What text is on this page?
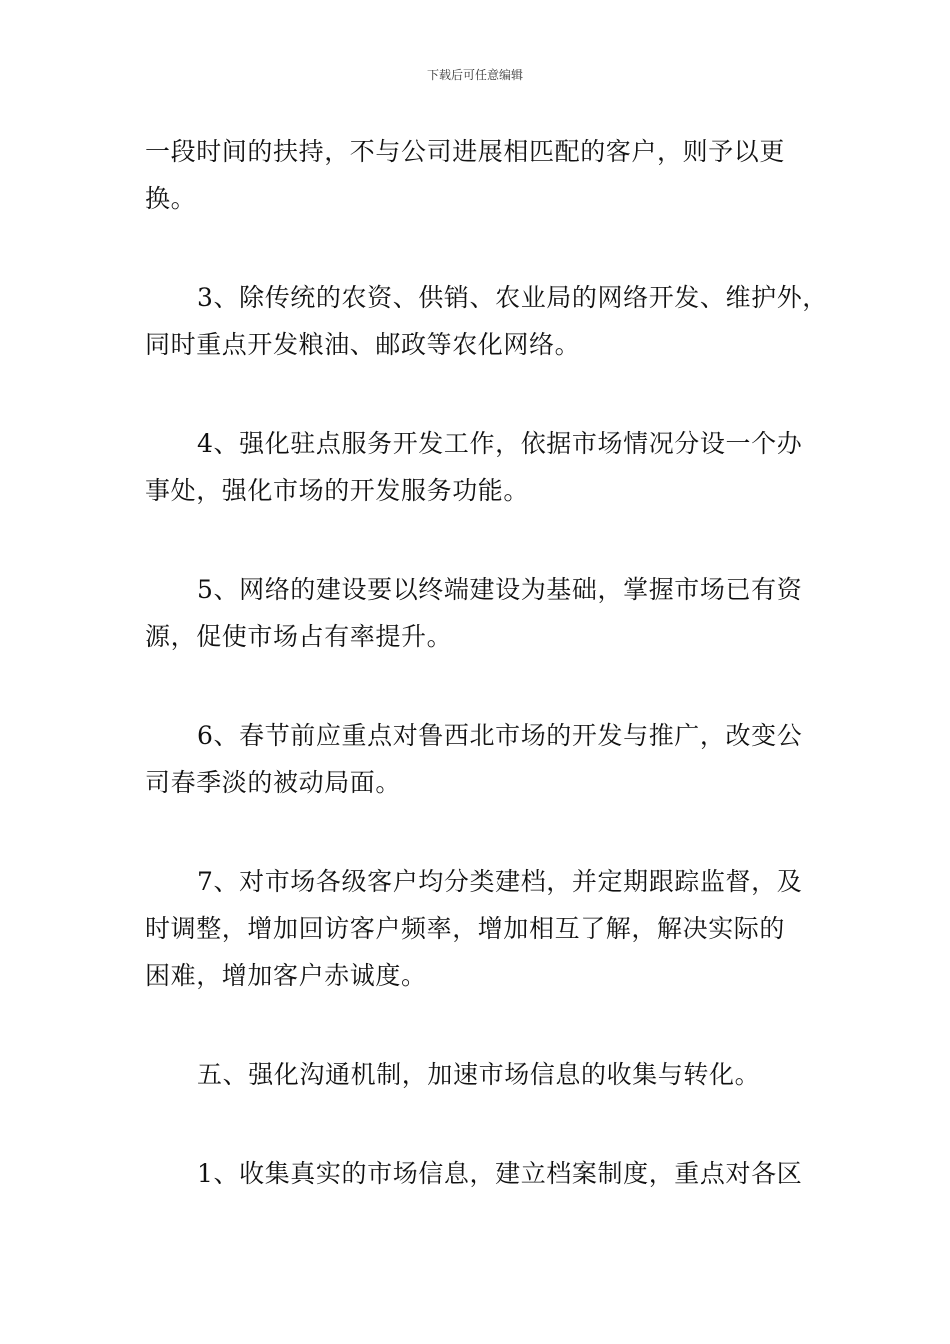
下载后可任意编辑

一段时间的扶持，不与公司进展相匹配的客户，则予以更
换。

3、除传统的农资、供销、农业局的网络开发、维护外，
同时重点开发粮油、邮政等农化网络。

4、强化驻点服务开发工作，依据市场情况分设一个办
事处，强化市场的开发服务功能。

5、网络的建设要以终端建设为基础，掌握市场已有资
源，促使市场占有率提升。

6、春节前应重点对鲁西北市场的开发与推广，改变公
司春季淡的被动局面。

7、对市场各级客户均分类建档，并定期跟踪监督，及
时调整，增加回访客户频率，增加相互了解，解决实际的
困难，增加客户赤诚度。

五、强化沟通机制，加速市场信息的收集与转化。

1、收集真实的市场信息，建立档案制度，重点对各区
